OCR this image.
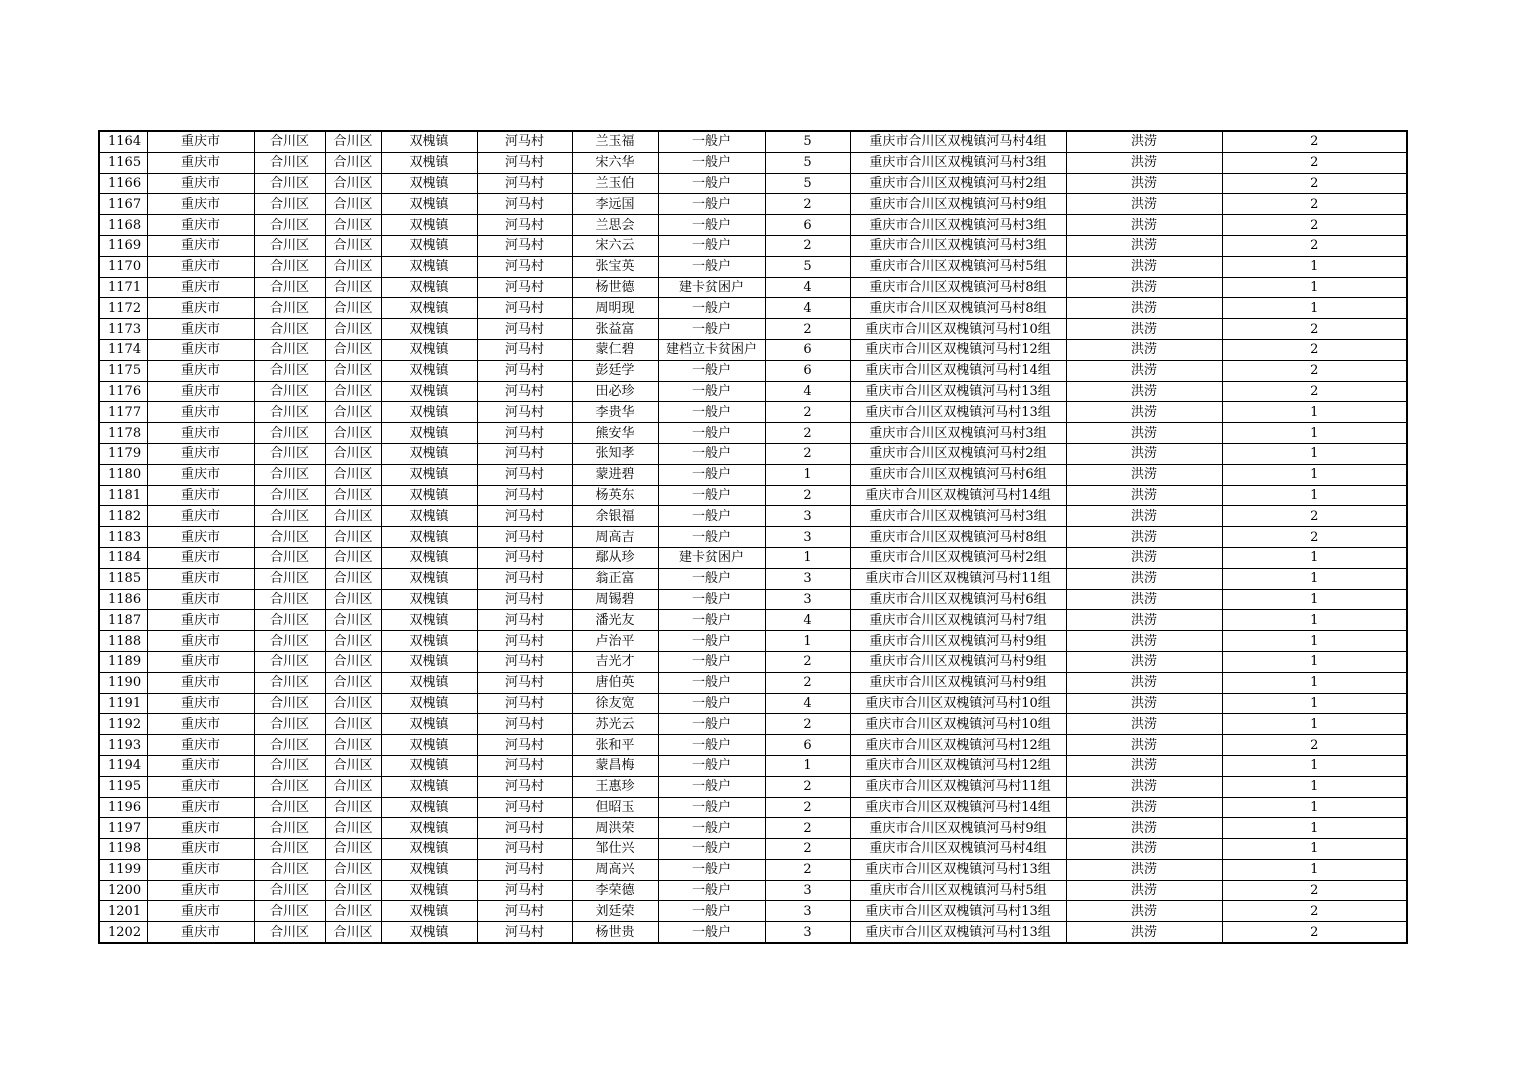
1164	重庆市	合川区	合川区	双槐镇	河马村	兰玉福	一般户	5	重庆市合川区双槐镇河马村4组	洪涝	2
1165	重庆市	合川区	合川区	双槐镇	河马村	宋六华	一般户	5	重庆市合川区双槐镇河马村3组	洪涝	2
1166	重庆市	合川区	合川区	双槐镇	河马村	兰玉伯	一般户	5	重庆市合川区双槐镇河马村2组	洪涝	2
1167	重庆市	合川区	合川区	双槐镇	河马村	李远国	一般户	2	重庆市合川区双槐镇河马村9组	洪涝	2
1168	重庆市	合川区	合川区	双槐镇	河马村	兰思会	一般户	6	重庆市合川区双槐镇河马村3组	洪涝	2
1169	重庆市	合川区	合川区	双槐镇	河马村	宋六云	一般户	2	重庆市合川区双槐镇河马村3组	洪涝	2
1170	重庆市	合川区	合川区	双槐镇	河马村	张宝英	一般户	5	重庆市合川区双槐镇河马村5组	洪涝	1
1171	重庆市	合川区	合川区	双槐镇	河马村	杨世德	建卡贫困户	4	重庆市合川区双槐镇河马村8组	洪涝	1
1172	重庆市	合川区	合川区	双槐镇	河马村	周明现	一般户	4	重庆市合川区双槐镇河马村8组	洪涝	1
1173	重庆市	合川区	合川区	双槐镇	河马村	张益富	一般户	2	重庆市合川区双槐镇河马村10组	洪涝	2
1174	重庆市	合川区	合川区	双槐镇	河马村	蒙仁碧	建档立卡贫困户	6	重庆市合川区双槐镇河马村12组	洪涝	2
1175	重庆市	合川区	合川区	双槐镇	河马村	彭廷学	一般户	6	重庆市合川区双槐镇河马村14组	洪涝	2
1176	重庆市	合川区	合川区	双槐镇	河马村	田必珍	一般户	4	重庆市合川区双槐镇河马村13组	洪涝	2
1177	重庆市	合川区	合川区	双槐镇	河马村	李贵华	一般户	2	重庆市合川区双槐镇河马村13组	洪涝	1
1178	重庆市	合川区	合川区	双槐镇	河马村	熊安华	一般户	2	重庆市合川区双槐镇河马村3组	洪涝	1
1179	重庆市	合川区	合川区	双槐镇	河马村	张知孝	一般户	2	重庆市合川区双槐镇河马村2组	洪涝	1
1180	重庆市	合川区	合川区	双槐镇	河马村	蒙进碧	一般户	1	重庆市合川区双槐镇河马村6组	洪涝	1
1181	重庆市	合川区	合川区	双槐镇	河马村	杨英东	一般户	2	重庆市合川区双槐镇河马村14组	洪涝	1
1182	重庆市	合川区	合川区	双槐镇	河马村	余银福	一般户	3	重庆市合川区双槐镇河马村3组	洪涝	2
1183	重庆市	合川区	合川区	双槐镇	河马村	周高吉	一般户	3	重庆市合川区双槐镇河马村8组	洪涝	2
1184	重庆市	合川区	合川区	双槐镇	河马村	鄢从珍	建卡贫困户	1	重庆市合川区双槐镇河马村2组	洪涝	1
1185	重庆市	合川区	合川区	双槐镇	河马村	翁正富	一般户	3	重庆市合川区双槐镇河马村11组	洪涝	1
1186	重庆市	合川区	合川区	双槐镇	河马村	周锡碧	一般户	3	重庆市合川区双槐镇河马村6组	洪涝	1
1187	重庆市	合川区	合川区	双槐镇	河马村	潘光友	一般户	4	重庆市合川区双槐镇河马村7组	洪涝	1
1188	重庆市	合川区	合川区	双槐镇	河马村	卢治平	一般户	1	重庆市合川区双槐镇河马村9组	洪涝	1
1189	重庆市	合川区	合川区	双槐镇	河马村	吉光才	一般户	2	重庆市合川区双槐镇河马村9组	洪涝	1
1190	重庆市	合川区	合川区	双槐镇	河马村	唐伯英	一般户	2	重庆市合川区双槐镇河马村9组	洪涝	1
1191	重庆市	合川区	合川区	双槐镇	河马村	徐友宽	一般户	4	重庆市合川区双槐镇河马村10组	洪涝	1
1192	重庆市	合川区	合川区	双槐镇	河马村	苏光云	一般户	2	重庆市合川区双槐镇河马村10组	洪涝	1
1193	重庆市	合川区	合川区	双槐镇	河马村	张和平	一般户	6	重庆市合川区双槐镇河马村12组	洪涝	2
1194	重庆市	合川区	合川区	双槐镇	河马村	蒙昌梅	一般户	1	重庆市合川区双槐镇河马村12组	洪涝	1
1195	重庆市	合川区	合川区	双槐镇	河马村	王惠珍	一般户	2	重庆市合川区双槐镇河马村11组	洪涝	1
1196	重庆市	合川区	合川区	双槐镇	河马村	但昭玉	一般户	2	重庆市合川区双槐镇河马村14组	洪涝	1
1197	重庆市	合川区	合川区	双槐镇	河马村	周洪荣	一般户	2	重庆市合川区双槐镇河马村9组	洪涝	1
1198	重庆市	合川区	合川区	双槐镇	河马村	邹仕兴	一般户	2	重庆市合川区双槐镇河马村4组	洪涝	1
1199	重庆市	合川区	合川区	双槐镇	河马村	周高兴	一般户	2	重庆市合川区双槐镇河马村13组	洪涝	1
1200	重庆市	合川区	合川区	双槐镇	河马村	李荣德	一般户	3	重庆市合川区双槐镇河马村5组	洪涝	2
1201	重庆市	合川区	合川区	双槐镇	河马村	刘廷荣	一般户	3	重庆市合川区双槐镇河马村13组	洪涝	2
1202	重庆市	合川区	合川区	双槐镇	河马村	杨世贵	一般户	3	重庆市合川区双槐镇河马村13组	洪涝	2
